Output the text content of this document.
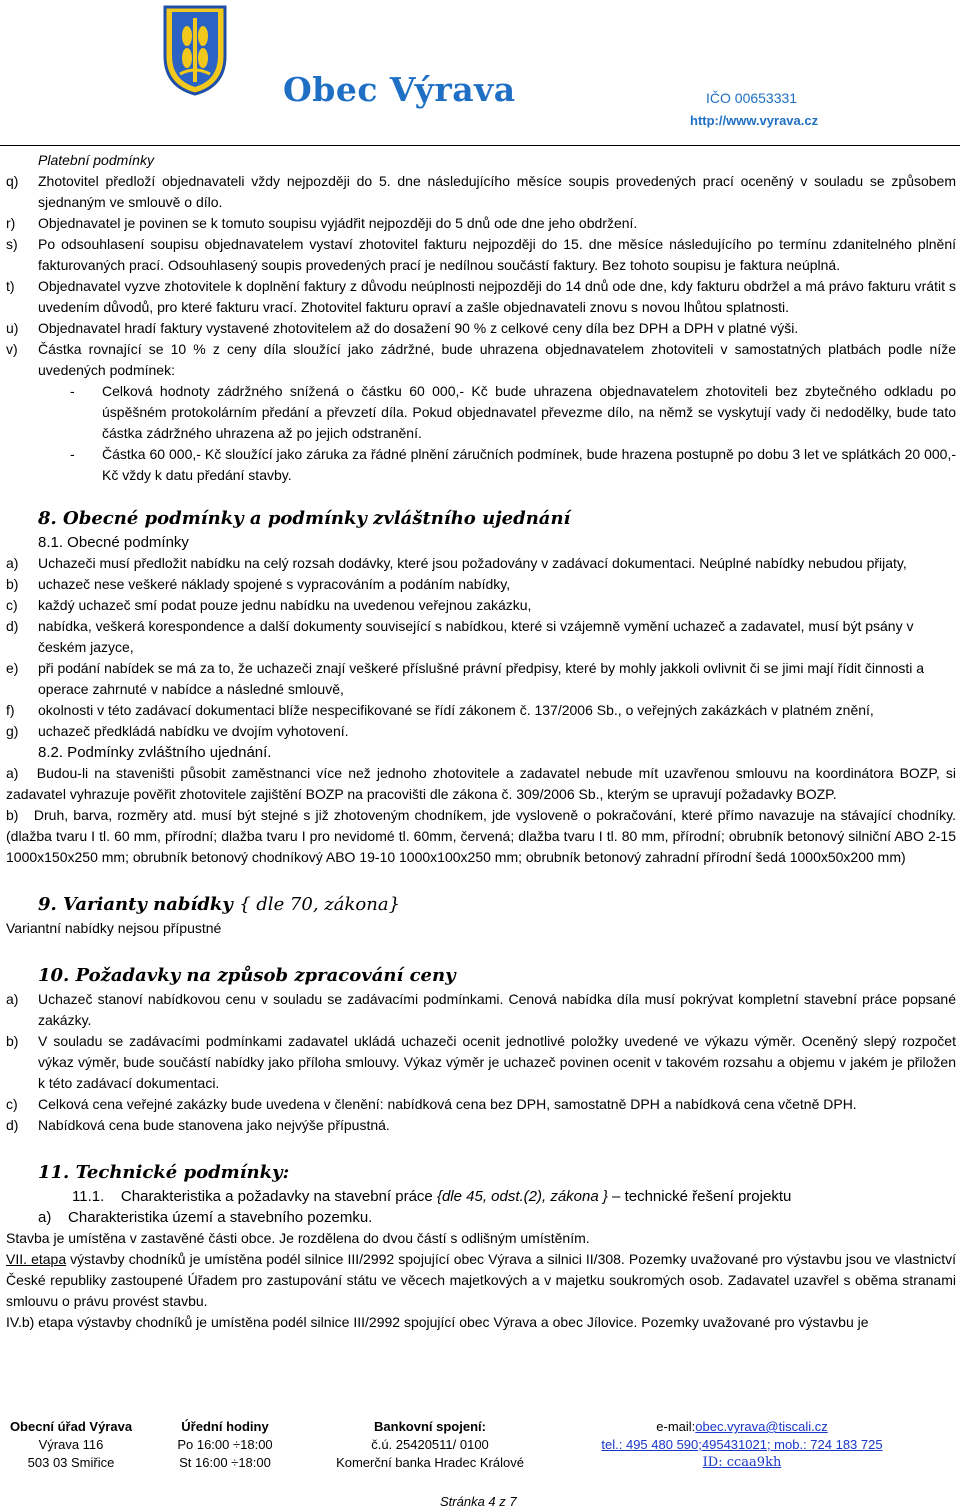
Obec Výrava	IČO 00653331
http://www.vyrava.cz
Platební podmínky
q) Zhotovitel předloží objednavateli vždy nejpozději do 5. dne následujícího měsíce soupis provedených prací oceněný v souladu se způsobem sjednaným ve smlouvě o dílo.
r) Objednavatel je povinen se k tomuto soupisu vyjádřit nejpozději do 5 dnů ode dne jeho obdržení.
s) Po odsouhlasení soupisu objednavatelem vystaví zhotovitel fakturu nejpozději do 15. dne měsíce následujícího po termínu zdanitelného plnění fakturovaných prací. Odsouhlasený soupis provedených prací je nedílnou součástí faktury. Bez tohoto soupisu je faktura neúplná.
t) Objednavatel vyzve zhotovitele k doplnění faktury z důvodu neúplnosti nejpozději do 14 dnů ode dne, kdy fakturu obdržel a má právo fakturu vrátit s uvedením důvodů, pro které fakturu vrací. Zhotovitel fakturu opraví a zašle objednavateli znovu s novou lhůtou splatnosti.
u) Objednavatel hradí faktury vystavené zhotovitelem až do dosažení 90 % z celkové ceny díla bez DPH a DPH v platné výši.
v) Částka rovnající se 10 % z ceny díla sloužící jako zádržné, bude uhrazena objednavatelem zhotoviteli v samostatných platbách podle níže uvedených podmínek:
- Celková hodnoty zádržného snížená o částku 60 000,- Kč bude uhrazena objednavatelem zhotoviteli bez zbytečného odkladu po úspěšném protokolárním předání a převzetí díla. Pokud objednavatel převezme dílo, na němž se vyskytují vady či nedodělky, bude tato částka zádržného uhrazena až po jejich odstranění.
- Částka 60 000,- Kč sloužící jako záruka za řádné plnění záručních podmínek, bude hrazena postupně po dobu 3 let ve splátkách 20 000,- Kč vždy k datu předání stavby.
8. Obecné podmínky a podmínky zvláštního ujednání
8.1. Obecné podmínky
a) Uchazeči musí předložit nabídku na celý rozsah dodávky, které jsou požadovány v zadávací dokumentaci. Neúplné nabídky nebudou přijaty,
b) uchazeč nese veškeré náklady spojené s vypracováním a podáním nabídky,
c) každý uchazeč smí podat pouze jednu nabídku na uvedenou veřejnou zakázku,
d) nabídka, veškerá korespondence a další dokumenty související s nabídkou, které si vzájemně vymění uchazeč a zadavatel, musí být psány v českém jazyce,
e) při podání nabídek se má za to, že uchazeči znají veškeré příslušné právní předpisy, které by mohly jakkoli ovlivnit či se jimi mají řídit činnosti a operace zahrnuté v nabídce a následné smlouvě,
f) okolnosti v této zadávací dokumentaci blíže nespecifikované se řídí zákonem č. 137/2006 Sb., o veřejných zakázkách v platném znění,
g) uchazeč předkládá nabídku ve dvojím vyhotovení.
8.2. Podmínky zvláštního ujednání.
a) Budou-li na staveništi působit zaměstnanci více než jednoho zhotovitele a zadavatel nebude mít uzavřenou smlouvu na koordinátora BOZP, si zadavatel vyhrazuje pověřit zhotovitele zajištění BOZP na pracovišti dle zákona č. 309/2006 Sb., kterým se upravují požadavky BOZP.
b) Druh, barva, rozměry atd. musí být stejné s již zhotoveným chodníkem, jde vysloveně o pokračování, které přímo navazuje na stávající chodníky. (dlažba tvaru I tl. 60 mm, přírodní; dlažba tvaru I pro nevidomé tl. 60mm, červená; dlažba tvaru I tl. 80 mm, přírodní; obrubník betonový silniční ABO 2-15 1000x150x250 mm; obrubník betonový chodníkový ABO 19-10 1000x100x250 mm; obrubník betonový zahradní přírodní šedá 1000x50x200 mm)
9. Varianty nabídky { dle 70, zákona}
Variantní nabídky nejsou přípustné
10. Požadavky na způsob zpracování ceny
a) Uchazeč stanoví nabídkovou cenu v souladu se zadávacími podmínkami. Cenová nabídka díla musí pokrývat kompletní stavební práce popsané zakázky.
b) V souladu se zadávacími podmínkami zadavatel ukládá uchazeči ocenit jednotlivé položky uvedené ve výkazu výměr. Oceněný slepý rozpočet výkaz výměr, bude součástí nabídky jako příloha smlouvy. Výkaz výměr je uchazeč povinen ocenit v takovém rozsahu a objemu v jakém je přiložen k této zadávací dokumentaci.
c) Celková cena veřejné zakázky bude uvedena v členění: nabídková cena bez DPH, samostatně DPH a nabídková cena včetně DPH.
d) Nabídková cena bude stanovena jako nejvýše přípustná.
11. Technické podmínky:
11.1. Charakteristika a požadavky na stavební práce {dle 45, odst.(2), zákona } – technické řešení projektu
a) Charakteristika území a stavebního pozemku.
Stavba je umístěna v zastavěné části obce. Je rozdělena do dvou částí s odlišným umístěním.
VII. etapa výstavby chodníků je umístěna podél silnice III/2992 spojující obec Výrava a silnici II/308. Pozemky uvažované pro výstavbu jsou ve vlastnictví České republiky zastoupené Úřadem pro zastupování státu ve věcech majetkových a v majetku soukromých osob. Zadavatel uzavřel s oběma stranami smlouvu o právu provést stavbu.
IV.b) etapa výstavby chodníků je umístěna podél silnice III/2992 spojující obec Výrava a obec Jílovice. Pozemky uvažované pro výstavbu je
Obecní úřad Výrava
Výrava 116
503 03 Smiřice
Úřední hodiny
Po 16:00 ÷18:00
St 16:00 ÷18:00
Bankovní spojení:
č.ú. 25420511/ 0100
Komerční banka Hradec Králové
e-mail:obec.vyrava@tiscali.cz
tel.: 495 480 590;495431021; mob.: 724 183 725
ID: ccaa9kh
Stránka 4 z 7
